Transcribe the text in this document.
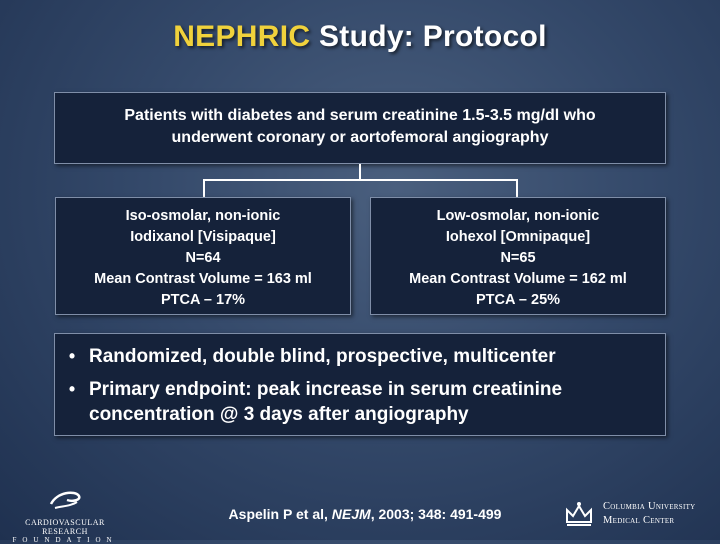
NEPHRIC Study: Protocol
Patients with diabetes and serum creatinine 1.5-3.5 mg/dl who
underwent coronary or aortofemoral angiography
Iso-osmolar, non-ionic
Iodixanol [Visipaque]
N=64
Mean Contrast Volume = 163 ml
PTCA – 17%
Low-osmolar, non-ionic
Iohexol [Omnipaque]
N=65
Mean Contrast Volume = 162 ml
PTCA – 25%
• Randomized, double blind, prospective, multicenter
• Primary endpoint: peak increase in serum creatinine concentration @ 3 days after angiography
Aspelin P et al, NEJM, 2003; 348: 491-499
CARDIOVASCULAR RESEARCH
FOUNDATION
Columbia University
Medical Center
